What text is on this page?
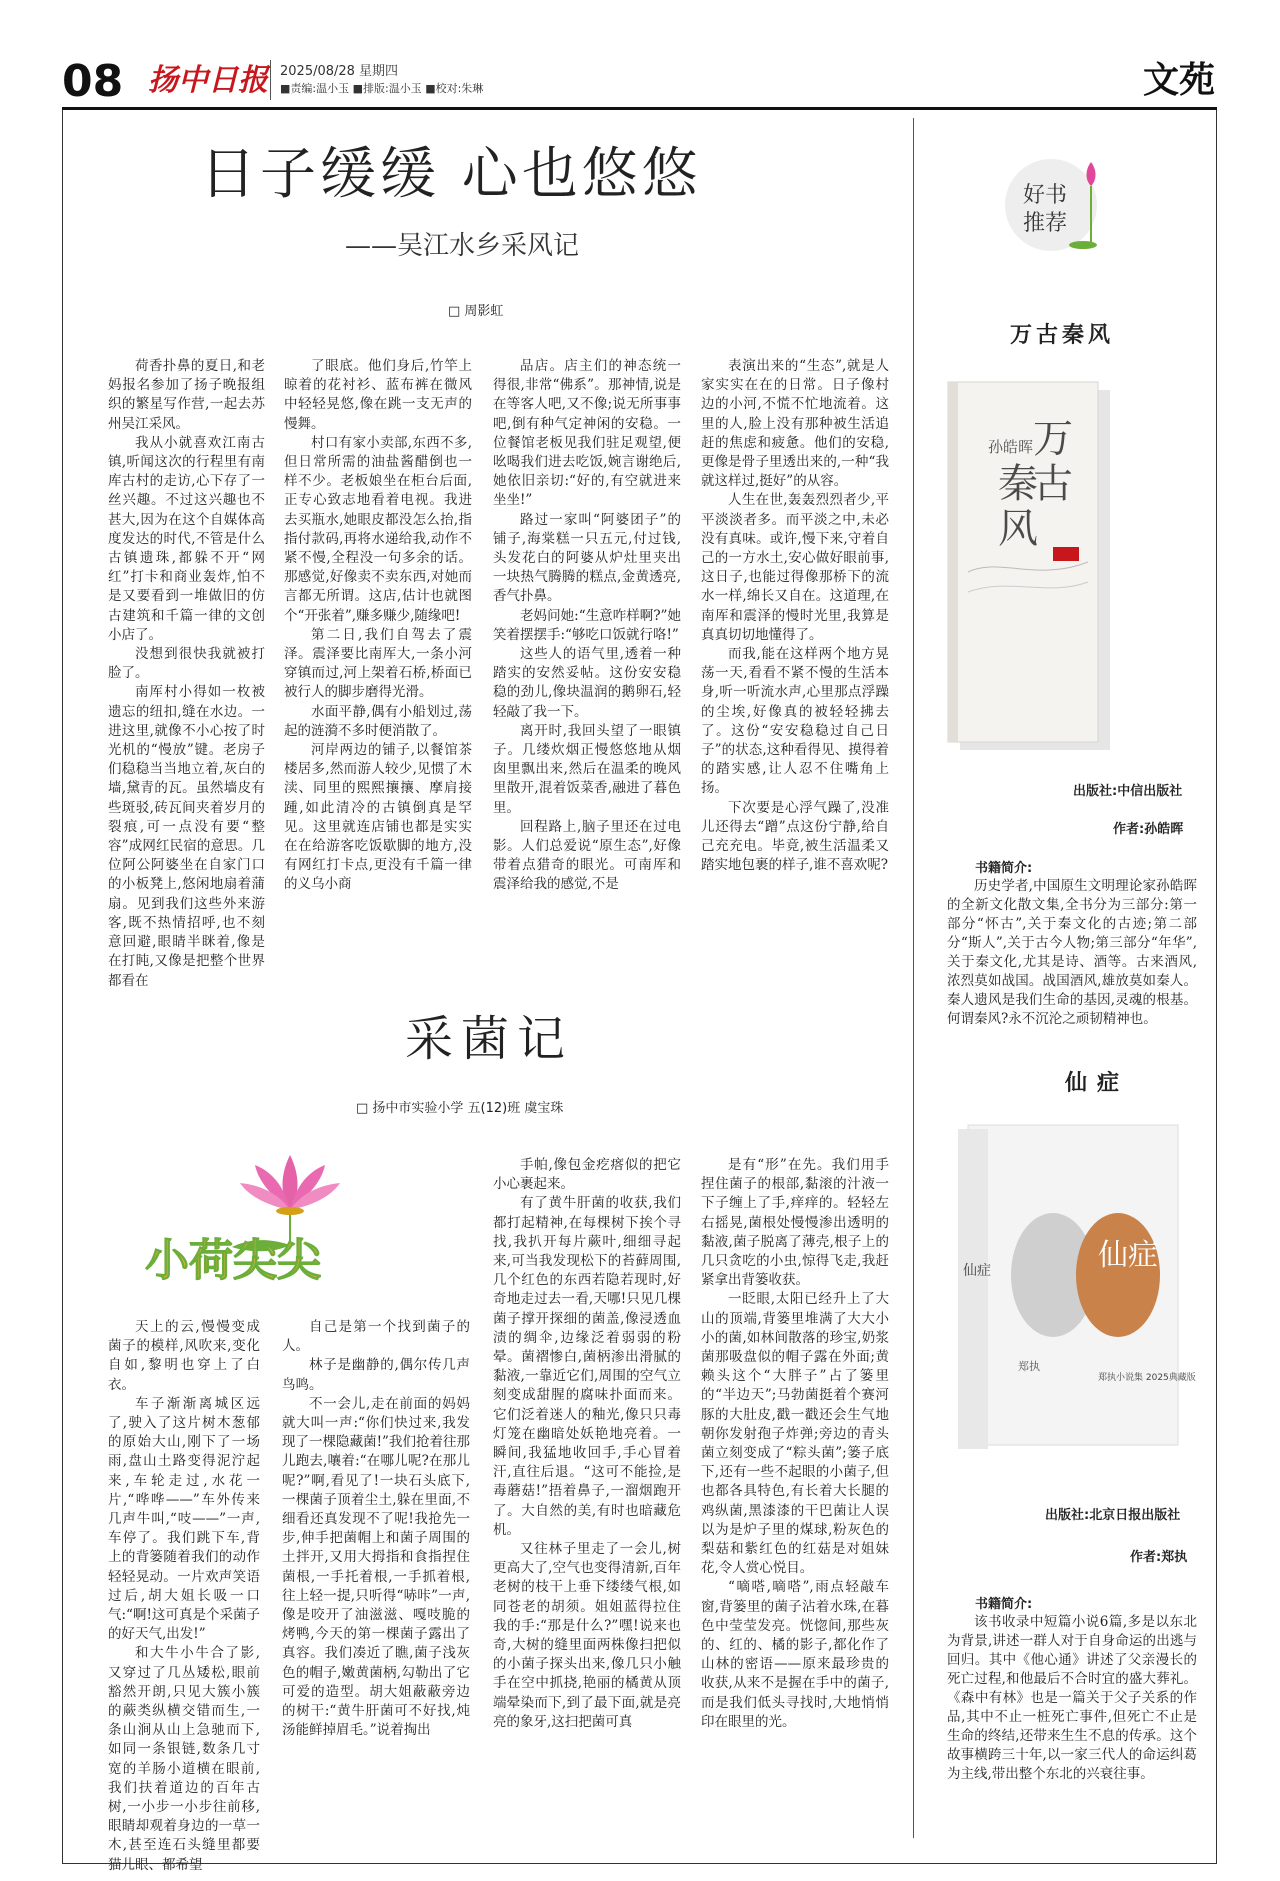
08 扬中日报 2025/08/28 星期四
■责编:温小玉 ■排版:温小玉 ■校对:朱琳	文苑
日子缓缓 心也悠悠
——吴江水乡采风记
□ 周影虹

荷香扑鼻的夏日,和老妈报名参加了扬子晚报组织的繁星写作营,一起去苏州吴江采风。

我从小就喜欢江南古镇,听闻这次的行程里有南库古村的走访,心下存了一丝兴趣。不过这兴趣也不甚大,因为在这个自媒体高度发达的时代,不管是什么古镇遗珠,都躲不开“网红”打卡和商业轰炸,怕不是又要看到一堆做旧的仿古建筑和千篇一律的文创小店了。

没想到很快我就被打脸了。

南厍村小得如一枚被遗忘的纽扣,缝在水边。一进这里,就像不小心按了时光机的“慢放”键。老房子们稳稳当当地立着,灰白的墙,黛青的瓦。虽然墙皮有些斑驳,砖瓦间夹着岁月的裂痕,可一点没有要“整容”成网红民宿的意思。几位阿公阿婆坐在自家门口的小板凳上,悠闲地扇着蒲扇。见到我们这些外来游客,既不热情招呼,也不刻意回避,眼睛半眯着,像是在打盹,又像是把整个世界都看在

了眼底。他们身后,竹竿上晾着的花衬衫、蓝布裤在微风中轻轻晃悠,像在跳一支无声的慢舞。

村口有家小卖部,东西不多,但日常所需的油盐酱醋倒也一样不少。老板娘坐在柜台后面,正专心致志地看着电视。我进去买瓶水,她眼皮都没怎么抬,指指付款码,再将水递给我,动作不紧不慢,全程没一句多余的话。那感觉,好像卖不卖东西,对她而言都无所谓。这店,估计也就图个“开张着”,赚多赚少,随缘吧!

第二日,我们自驾去了震泽。震泽要比南厍大,一条小河穿镇而过,河上架着石桥,桥面已被行人的脚步磨得光滑。

水面平静,偶有小船划过,荡起的涟漪不多时便消散了。

河岸两边的铺子,以餐馆茶楼居多,然而游人较少,见惯了木渎、同里的熙熙攘攘、摩肩接踵,如此清冷的古镇倒真是罕见。这里就连店铺也都是实实在在给游客吃饭歇脚的地方,没有网红打卡点,更没有千篇一律的义乌小商

品店。店主们的神态统一得很,非常“佛系”。那神情,说是在等客人吧,又不像;说无所事事吧,倒有种气定神闲的安稳。一位餐馆老板见我们驻足观望,便吆喝我们进去吃饭,婉言谢绝后,她依旧亲切:“好的,有空就进来坐坐!”

路过一家叫“阿婆团子”的铺子,海棠糕一只五元,付过钱,头发花白的阿婆从炉灶里夹出一块热气腾腾的糕点,金黄透亮,香气扑鼻。

老妈问她:“生意咋样啊?”她笑着摆摆手:“够吃口饭就行咯!”

这些人的语气里,透着一种踏实的安然妥帖。这份安安稳稳的劲儿,像块温润的鹅卵石,轻轻敲了我一下。

离开时,我回头望了一眼镇子。几缕炊烟正慢悠悠地从烟囱里飘出来,然后在温柔的晚风里散开,混着饭菜香,融进了暮色里。

回程路上,脑子里还在过电影。人们总爱说“原生态”,好像带着点猎奇的眼光。可南厍和震泽给我的感觉,不是

表演出来的“生态”,就是人家实实在在的日常。日子像村边的小河,不慌不忙地流着。这里的人,脸上没有那种被生活追赶的焦虑和疲惫。他们的安稳,更像是骨子里透出来的,一种“我就这样过,挺好”的从容。

人生在世,轰轰烈烈者少,平平淡淡者多。而平淡之中,未必没有真味。或许,慢下来,守着自己的一方水土,安心做好眼前事,这日子,也能过得像那桥下的流水一样,绵长又自在。这道理,在南厍和震泽的慢时光里,我算是真真切切地懂得了。

而我,能在这样两个地方晃荡一天,看看不紧不慢的生活本身,听一听流水声,心里那点浮躁的尘埃,好像真的被轻轻拂去了。这份“安安稳稳过自己日子”的状态,这种看得见、摸得着的踏实感,让人忍不住嘴角上扬。

下次要是心浮气躁了,没准儿还得去“蹭”点这份宁静,给自己充充电。毕竟,被生活温柔又踏实地包裹的样子,谁不喜欢呢?

采菌记
□ 扬中市实验小学 五(12)班 虞宝珠
小荷尖尖

天上的云,慢慢变成菌子的模样,风吹来,变化自如,黎明也穿上了白衣。

车子渐渐离城区远了,驶入了这片树木葱郁的原始大山,刚下了一场雨,盘山土路变得泥泞起来,车轮走过,水花一片,“哗哗——”车外传来几声牛叫,“吱——”一声,车停了。我们跳下车,背上的背篓随着我们的动作轻轻晃动。一片欢声笑语过后,胡大姐长吸一口气:“啊!这可真是个采菌子的好天气,出发!”

和大牛小牛合了影,又穿过了几丛矮松,眼前豁然开朗,只见大簇小簇的蕨类纵横交错而生,一条山涧从山上急驰而下,如同一条银链,数条几寸宽的羊肠小道横在眼前,我们扶着道边的百年古树,一小步一小步往前移,眼睛却观着身边的一草一木,甚至连石头缝里都要猫儿眼、都希望

自己是第一个找到菌子的人。

林子是幽静的,偶尔传几声鸟鸣。

不一会儿,走在前面的妈妈就大叫一声:“你们快过来,我发现了一棵隐藏菌!”我们抢着往那儿跑去,嚷着:“在哪儿呢?在那儿呢?”啊,看见了!一块石头底下,一棵菌子顶着尘土,躲在里面,不细看还真发现不了呢!我抢先一步,伸手把菌帽上和菌子周围的土拌开,又用大拇指和食指捏住菌根,一手托着根,一手抓着根,往上轻一提,只听得“哧咔”一声,像是咬开了油滋滋、嘎吱脆的烤鸭,今天的第一棵菌子露出了真容。我们凑近了瞧,菌子浅灰色的帽子,嫩黄菌柄,勾勒出了它可爱的造型。胡大姐蔽蔽旁边的树干:“黄牛肝菌可不好找,炖汤能鲜掉眉毛。”说着掏出

手帕,像包金疙瘩似的把它小心裹起来。

有了黄牛肝菌的收获,我们都打起精神,在每棵树下挨个寻找,我扒开每片蕨叶,细细寻起来,可当我发现松下的苔藓周围,几个红色的东西若隐若现时,好奇地走过去一看,天哪!只见几棵菌子撑开探细的菌盖,像浸透血渍的绸伞,边缘泛着弱弱的粉晕。菌褶惨白,菌柄渗出滑腻的黏液,一靠近它们,周围的空气立刻变成甜腥的腐味扑面而来。它们泛着迷人的釉光,像只只毒灯笼在幽暗处妖艳地亮着。一瞬间,我猛地收回手,手心冒着汗,直往后退。“这可不能捡,是毒蘑菇!”捂着鼻子,一溜烟跑开了。大自然的美,有时也暗藏危机。

又往林子里走了一会儿,树更高大了,空气也变得清新,百年老树的枝干上垂下缕缕气根,如同苍老的胡须。姐姐蓝得拉住我的手:“那是什么?”嘿!说来也奇,大树的缝里面两株像扫把似的小菌子探头出来,像几只小触手在空中抓挠,艳丽的橘黄从顶端晕染而下,到了最下面,就是亮亮的象牙,这扫把菌可真

是有“形”在先。我们用手捏住菌子的根部,黏滚的汁液一下子缠上了手,痒痒的。轻轻左右摇晃,菌根处慢慢渗出透明的黏液,菌子脱离了薄壳,根子上的几只贪吃的小虫,惊得飞走,我赶紧拿出背篓收获。

一眨眼,太阳已经升上了大山的顶端,背篓里堆满了大大小小的菌,如林间散落的珍宝,奶浆菌那吸盘似的帽子露在外面;黄赖头这个“大胖子”占了篓里的“半边天”;马勃菌挺着个赛河豚的大肚皮,戳一戳还会生气地朝你发射孢子炸弹;旁边的青头菌立刻变成了“粽头菌”;篓子底下,还有一些不起眼的小菌子,但也都各具特色,有长着大长腿的鸡纵菌,黑漆漆的干巴菌让人误以为是炉子里的煤球,粉灰色的梨菇和紫红色的红菇是对姐妹花,令人赏心悦目。

“嘀嗒,嘀嗒”,雨点轻敲车窗,背篓里的菌子沾着水珠,在暮色中莹莹发亮。恍惚间,那些灰的、红的、橘的影子,都化作了山林的密语——原来最珍贵的收获,从来不是握在手中的菌子,而是我们低头寻找时,大地悄悄印在眼里的光。

好书
推荐
万古秦风
孙皓晖 万
古
秦
风
出版社:中信出版社
作者:孙皓晖
书籍简介:

历史学者,中国原生文明理论家孙皓晖的全新文化散文集,全书分为三部分:第一部分“怀古”,关于秦文化的古迹;第二部分“斯人”,关于古今人物;第三部分“年华”,关于秦文化,尤其是诗、酒等。古来酒风,浓烈莫如战国。战国酒风,雄放莫如秦人。秦人遗风是我们生命的基因,灵魂的根基。何谓秦风?永不沉沦之顽韧精神也。

仙症
仙症	仙症
郑执小说集 2025典藏版
郑执
出版社:北京日报出版社
作者:郑执
书籍简介:

该书收录中短篇小说6篇,多是以东北为背景,讲述一群人对于自身命运的出逃与回归。其中《他心通》讲述了父亲漫长的死亡过程,和他最后不合时宜的盛大葬礼。《森中有林》也是一篇关于父子关系的作品,其中不止一桩死亡事件,但死亡不止是生命的终结,还带来生生不息的传承。这个故事横跨三十年,以一家三代人的命运纠葛为主线,带出整个东北的兴衰往事。
